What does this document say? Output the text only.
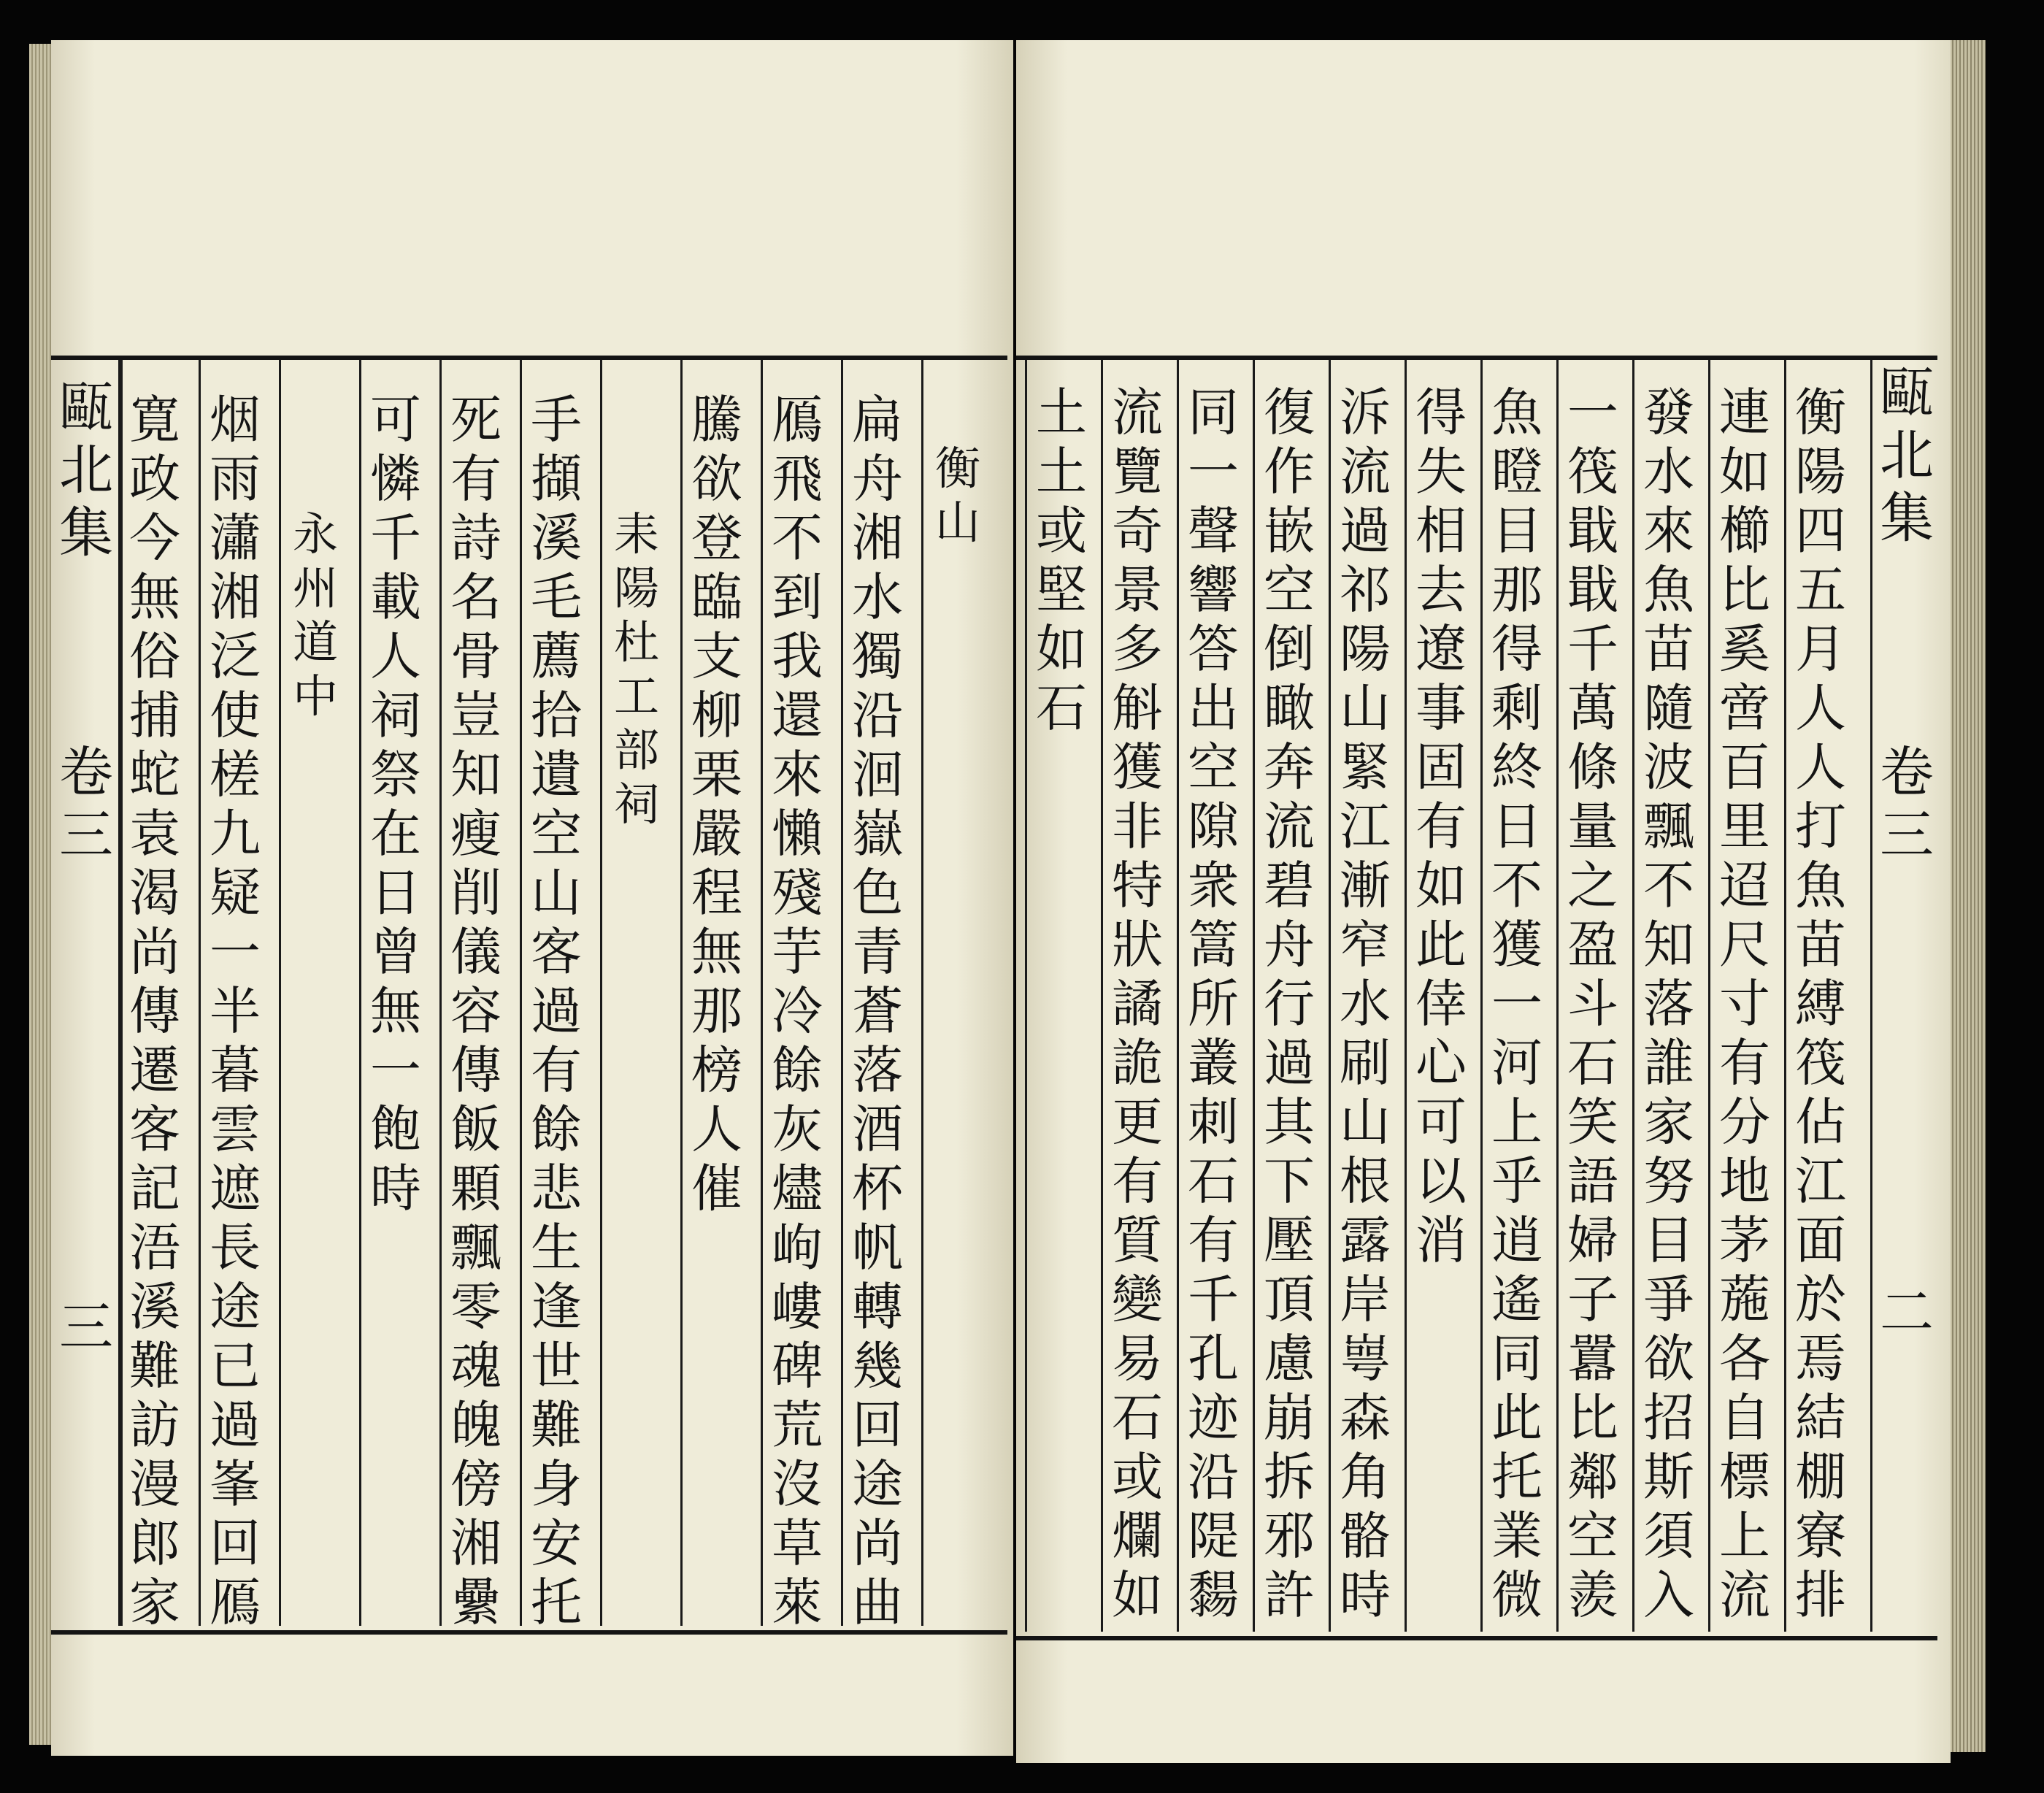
甌北集
卷三
三
衡山
扁舟湘水獨沿洄嶽色青蒼落酒杯帆轉幾回途尚曲
鴈飛不到我還來懶殘芋冷餘灰燼岣嶁碑荒沒草萊
騰欲登臨支柳栗嚴程無那榜人催
耒陽杜工部祠
手擷溪毛薦拾遺空山客過有餘悲生逢世難身安托
死有詩名骨豈知瘦削儀容傳飯顆飄零魂魄傍湘纍
可憐千載人祠祭在日曾無一飽時
永州道中
烟雨瀟湘泛使槎九疑一半暮雲遮長途已過峯回鴈
寛政今無俗捕蛇袁渴尚傳遷客記浯溪難訪漫郎家
甌北集
卷三
二
衡陽四五月人人打魚苗縛筏佔江面於焉結棚寮排
連如櫛比奚啻百里迢尺寸有分地茅葹各自標上流
發水來魚苗隨波飄不知落誰家努目爭欲招斯須入
一筏戢戢千萬條量之盈斗石笑語婦子囂比鄰空羨
魚瞪目那得剩終日不獲一河上乎逍遙同此托業微
得失相去遼事固有如此倖心可以消
泝流過祁陽山緊江漸窄水刷山根露岸㟧森角骼時
復作嵌空倒瞰奔流碧舟行過其下壓頂慮崩拆邪許
同一聲響答出空隙衆篙所叢刺石有千孔迹沿隄䵘
流覽奇景多斛獲非特狀譎詭更有質變易石或爛如
土土或堅如石
